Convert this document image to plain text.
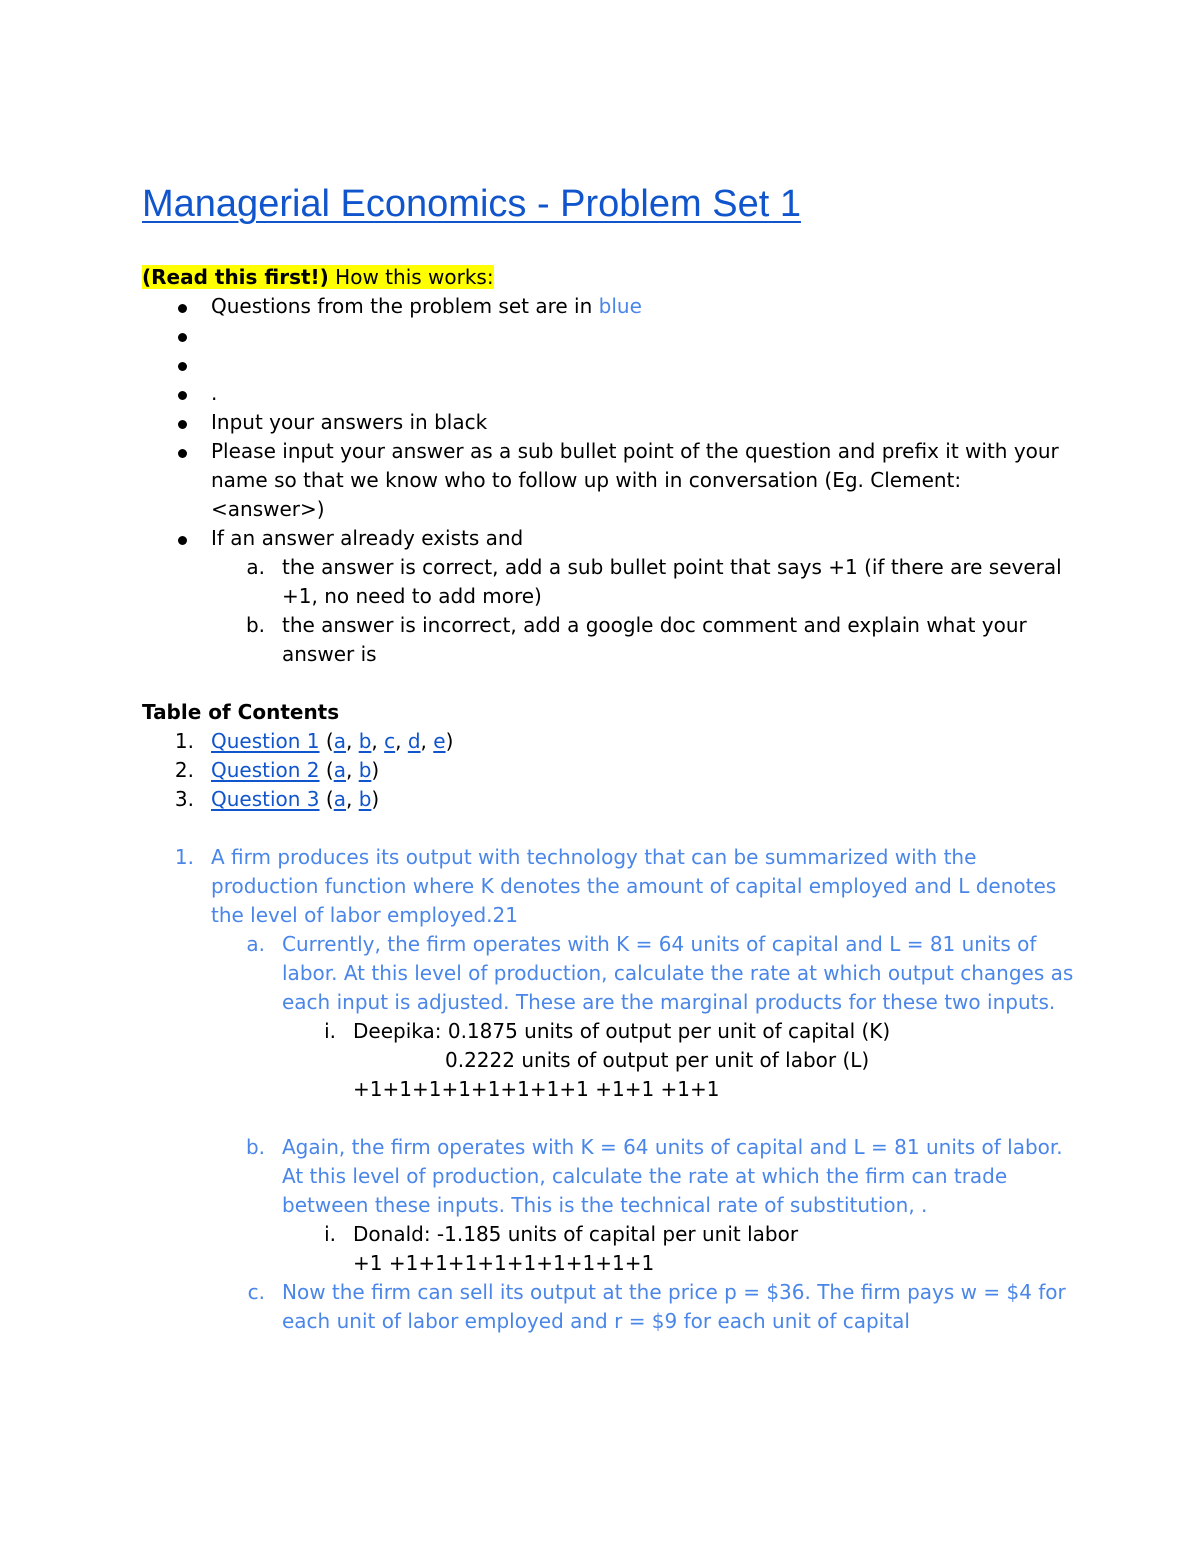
Managerial Economics - Problem Set 1
(Read this first!) How this works:
Questions from the problem set are in blue
.
Input your answers in black
Please input your answer as a sub bullet point of the question and prefix it with your name so that we know who to follow up with in conversation (Eg. Clement: <answer>)
If an answer already exists and
a. the answer is correct, add a sub bullet point that says +1 (if there are several +1, no need to add more)
b. the answer is incorrect, add a google doc comment and explain what your answer is
Table of Contents
1. Question 1 (a, b, c, d, e)
2. Question 2 (a, b)
3. Question 3 (a, b)
1. A firm produces its output with technology that can be summarized with the production function where K denotes the amount of capital employed and L denotes the level of labor employed.21
a. Currently, the firm operates with K = 64 units of capital and L = 81 units of labor. At this level of production, calculate the rate at which output changes as each input is adjusted. These are the marginal products for these two inputs.
i. Deepika: 0.1875 units of output per unit of capital (K)
0.2222 units of output per unit of labor (L)
+1+1+1+1+1+1+1+1 +1+1 +1+1
b. Again, the firm operates with K = 64 units of capital and L = 81 units of labor. At this level of production, calculate the rate at which the firm can trade between these inputs. This is the technical rate of substitution, .
i. Donald: -1.185 units of capital per unit labor
+1 +1+1+1+1+1+1+1+1+1
c. Now the firm can sell its output at the price p = $36. The firm pays w = $4 for each unit of labor employed and r = $9 for each unit of capital
